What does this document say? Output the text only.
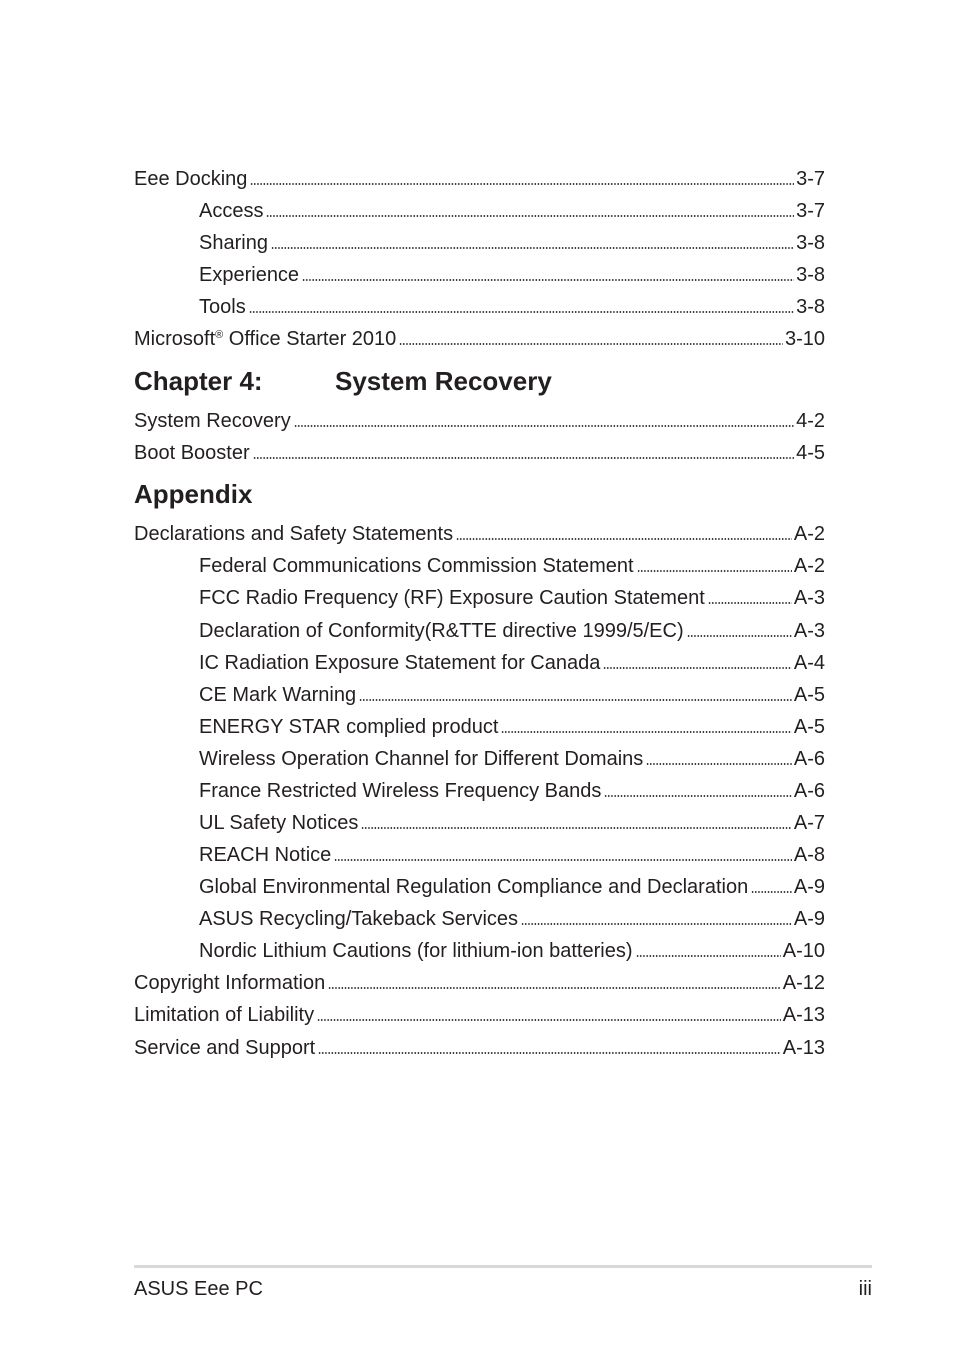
Eee Docking	3-7
Access	3-7
Sharing	3-8
Experience	3-8
Tools	3-8
Microsoft® Office Starter 2010	3-10
Chapter 4:	System Recovery
System Recovery	4-2
Boot Booster	4-5
Appendix
Declarations and Safety Statements	A-2
Federal Communications Commission Statement	A-2
FCC Radio Frequency (RF) Exposure Caution Statement	A-3
Declaration of Conformity(R&TTE directive 1999/5/EC)	A-3
IC Radiation Exposure Statement for Canada	A-4
CE Mark Warning	A-5
ENERGY STAR complied product	A-5
Wireless Operation Channel for Different Domains	A-6
France Restricted Wireless Frequency Bands	A-6
UL Safety Notices	A-7
REACH Notice	A-8
Global Environmental Regulation Compliance and Declaration A-9
ASUS Recycling/Takeback Services	A-9
Nordic Lithium Cautions (for lithium-ion batteries)	A-10
Copyright Information	A-12
Limitation of Liability	A-13
Service and Support	A-13
ASUS Eee PC	iii
